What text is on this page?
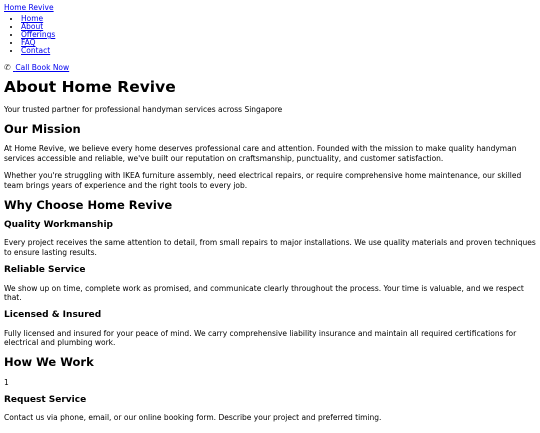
Home Revive
• Home
• About
• Offerings
• FAQ
• Contact
✆ Call Book Now
About Home Revive

Your trusted partner for professional handyman services across Singapore

Our Mission

At Home Revive, we believe every home deserves professional care and attention. Founded with the mission to make quality handyman services accessible and reliable, we've built our reputation on craftsmanship, punctuality, and customer satisfaction.

Whether you're struggling with IKEA furniture assembly, need electrical repairs, or require comprehensive home maintenance, our skilled team brings years of experience and the right tools to every job.

Why Choose Home Revive
Quality Workmanship

Every project receives the same attention to detail, from small repairs to major installations. We use quality materials and proven techniques to ensure lasting results.

Reliable Service

We show up on time, complete work as promised, and communicate clearly throughout the process. Your time is valuable, and we respect that.

Licensed & Insured

Fully licensed and insured for your peace of mind. We carry comprehensive liability insurance and maintain all required certifications for electrical and plumbing work.

How We Work
1
Request Service

Contact us via phone, email, or our online booking form. Describe your project and preferred timing.
